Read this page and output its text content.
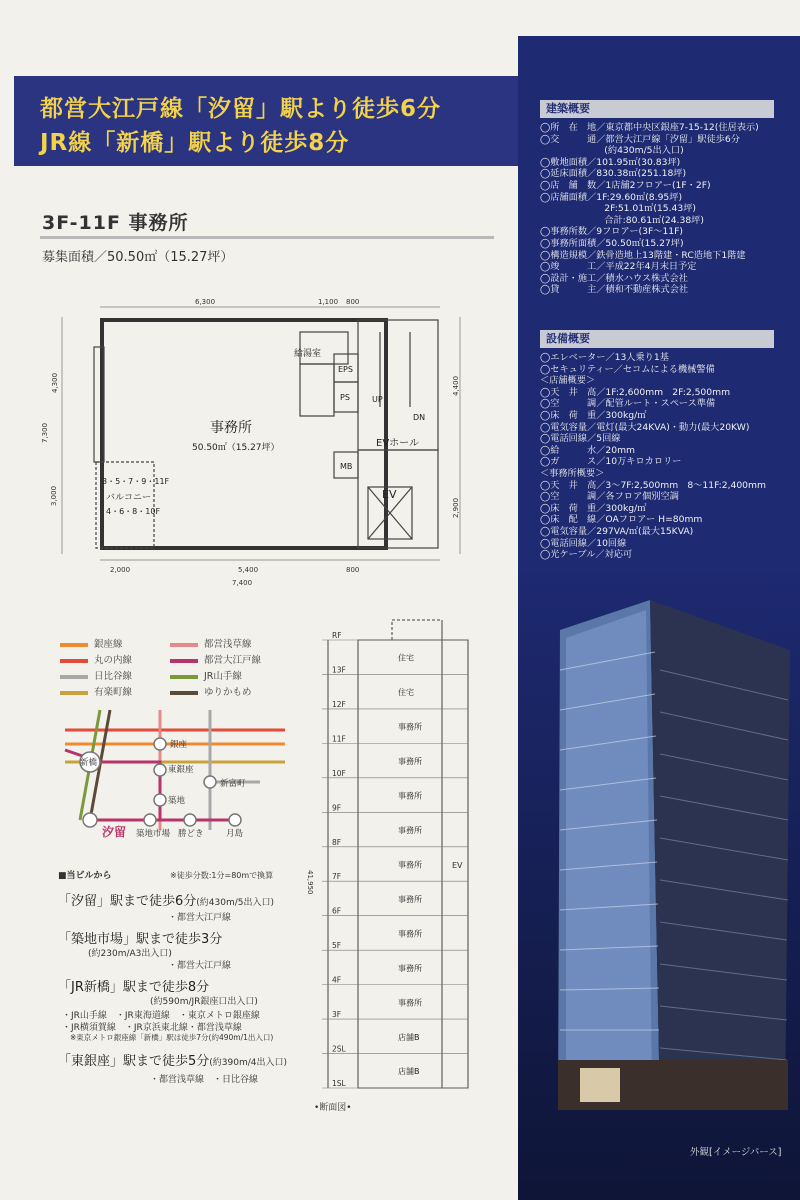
都営大江戸線「汐留」駅より徒歩6分
JR線「新橋」駅より徒歩8分
建築概要
◯所　在　地／東京都中央区銀座7-15-12(住居表示)
◯交　　　通／都営大江戸線「汐留」駅徒歩6分
　　　　　　　(約430m/5出入口)
◯敷地面積／101.95㎡(30.83坪)
◯延床面積／830.38㎡(251.18坪)
◯店　舗　数／1店舗2フロアー(1F・2F)
◯店舗面積／1F:29.60㎡(8.95坪)
　　　　　　　2F:51.01㎡(15.43坪)
　　　　　　　合計:80.61㎡(24.38坪)
◯事務所数／9フロアー(3F〜11F)
◯事務所面積／50.50㎡(15.27坪)
◯構造規模／鉄骨造地上13階建・RC造地下1階建
◯竣　　　工／平成22年4月末日予定
◯設計・施工／積水ハウス株式会社
◯貸　　　主／積和不動産株式会社
設備概要
◯エレベーター／13人乗り1基
◯セキュリティー／セコムによる機械警備
＜店舗概要＞
◯天　井　高／1F:2,600mm　2F:2,500mm
◯空　　　調／配管ルート・スペース準備
◯床　荷　重／300kg/㎡
◯電気容量／電灯(最大24KVA)・動力(最大20KW)
◯電話回線／5回線
◯給　　　水／20mm
◯ガ　　　ス／10万キロカロリー
＜事務所概要＞
◯天　井　高／3〜7F:2,500mm　8〜11F:2,400mm
◯空　　　調／各フロア個別空調
◯床　荷　重／300kg/㎡
◯床　配　線／OAフロアー H=80mm
◯電気容量／297VA/㎡(最大15KVA)
◯電話回線／10回線
◯光ケーブル／対応可
外観[イメージパース]
3F-11F 事務所
募集面積／50.50㎡（15.27坪）
6,300	1,100 800
2,000	5,400	800
7,400
4,300
7,300
3,000
4,400
2,900
事務所
50.50㎡（15.27坪）
給湯室
EPS
PS
MB
EVホール
EV
UP
DN
3・5・7・9・11F
バルコニー
4・6・8・10F
銀座線	都営浅草線
丸の内線	都営大江戸線
日比谷線	JR山手線
有楽町線	ゆりかもめ
新橋
銀座
東銀座
築地
新富町
汐留 築地市場 勝どき	月島
■当ビルから	※徒歩分数:1分=80mで換算
「汐留」駅まで徒歩6分(約430m/5出入口)
・都営大江戸線
「築地市場」駅まで徒歩3分
(約230m/A3出入口)
・都営大江戸線
「JR新橋」駅まで徒歩8分
(約590m/JR銀座口出入口)
・JR山手線　・JR東海道線　・東京メトロ銀座線
・JR横須賀線　・JR京浜東北線・都営浅草線
※東京メトロ銀座線「新橋」駅は徒歩7分(約490m/1出入口)
「東銀座」駅まで徒歩5分(約390m/4出入口)
・都営浅草線　・日比谷線
RF
13F
12F
11F
10F
9F
8F
7F
6F
5F
4F
3F
2SL
1SL
住宅
住宅
事務所
事務所
事務所
事務所
事務所
事務所
事務所
事務所
事務所
店舗B
店舗B
41,950
EV
•断面図•
